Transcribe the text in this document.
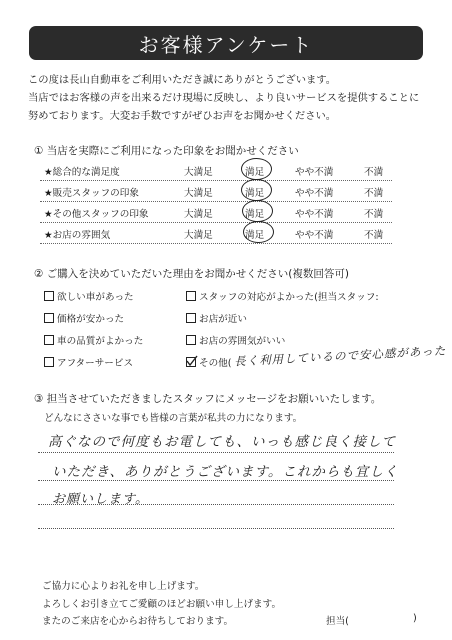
お客様アンケート
この度は長山自動車をご利用いただき誠にありがとうございます。
当店ではお客様の声を出来るだけ現場に反映し、より良いサービスを提供することに
努めております。大変お手数ですがぜひお声をお聞かせください。
① 当店を実際にご利用になった印象をお聞かせください
★総合的な満足度	大満足	満足	やや不満	不満
★販売スタッフの印象	大満足	満足	やや不満	不満
★その他スタッフの印象	大満足	満足	やや不満	不満
★お店の雰囲気	大満足	満足	やや不満	不満
② ご購入を決めていただいた理由をお聞かせください(複数回答可)
欲しい車があった
価格が安かった
車の品質がよかった
アフターサービス
スタッフの対応がよかった(担当スタッフ:
お店が近い
お店の雰囲気がいい
その他( 長く利用しているので安心感があった
③ 担当させていただきましたスタッフにメッセージをお願いいたします。
どんなにささいな事でも皆様の言葉が私共の力になります。
高ぐなので何度もお電しても、いっも感じ良く接して
いただき、ありがとうございます。これからも宜しく
お願いします。
ご協力に心よりお礼を申し上げます。
よろしくお引き立てご愛顧のほどお願い申し上げます。
またのご来店を心からお待ちしております。	担当(	)
